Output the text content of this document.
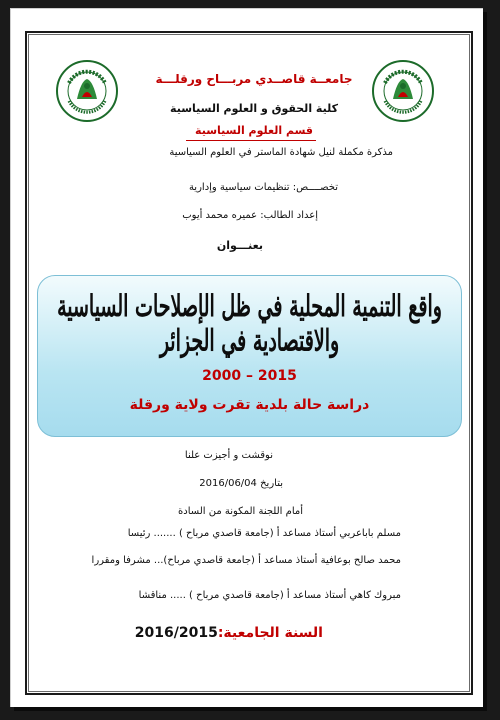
جامعــة قاصــدي مربـــاح ورقلـــة
كلية الحقوق و العلوم السياسية
قسم العلوم السياسية
مذكرة مكملة لنيل شهادة الماستر في العلوم السياسية
تخصــــص: تنظيمات سياسية وإدارية
إعداد الطالب: عميره محمد أيوب
بعنـــوان
واقع التنمية المحلية في ظل الإصلاحات السياسية والاقتصادية في الجزائر
2000 – 2015
دراسة حالة بلدية تقرت ولاية ورقلة
نوقشت و أجيزت علنا
بتاريخ 2016/06/04
أمام اللجنة المكونة من السادة
مسلم باباعربي أستاذ مساعد أ (جامعة قاصدي مرباح ) ....... رئيسا
محمد صالح بوعافية أستاذ مساعد أ (جامعة قاصدي مرباح)... مشرفا ومقررا
مبروك كاهي أستاذ مساعد أ (جامعة قاصدي مرباح ) ..... مناقشا
السنة الجامعية:2016/2015
